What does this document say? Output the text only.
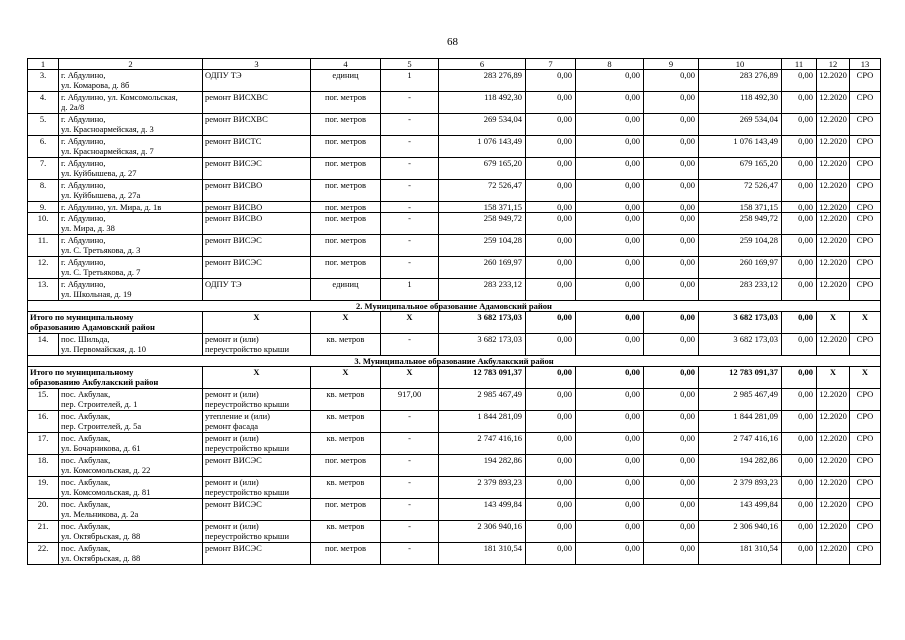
68
1	2	3	4	5	6	7	8	9	10	11	12	13
3.	г. Абдулино,
ул. Комарова, д. 8б	ОДПУ ТЭ	единиц	1	283 276,89	0,00	0,00	0,00	283 276,89	0,00	12.2020	СРО
4.	г. Абдулино, ул. Комсомольская,
д. 2а/8	ремонт ВИСХВС	пог. метров	-	118 492,30	0,00	0,00	0,00	118 492,30	0,00	12.2020	СРО
5.	г. Абдулино,
ул. Красноармейская, д. 3	ремонт ВИСХВС	пог. метров	-	269 534,04	0,00	0,00	0,00	269 534,04	0,00	12.2020	СРО
6.	г. Абдулино,
ул. Красноармейская, д. 7	ремонт ВИСТС	пог. метров	-	1 076 143,49	0,00	0,00	0,00	1 076 143,49	0,00	12.2020	СРО
7.	г. Абдулино,
ул. Куйбышева, д. 27	ремонт ВИСЭС	пог. метров	-	679 165,20	0,00	0,00	0,00	679 165,20	0,00	12.2020	СРО
8.	г. Абдулино,
ул. Куйбышева, д. 27а	ремонт ВИСВО	пог. метров	-	72 526,47	0,00	0,00	0,00	72 526,47	0,00	12.2020	СРО
9.	г. Абдулино, ул. Мира, д. 1в	ремонт ВИСВО	пог. метров	-	158 371,15	0,00	0,00	0,00	158 371,15	0,00	12.2020	СРО
10.	г. Абдулино,
ул. Мира, д. 38	ремонт ВИСВО	пог. метров	-	258 949,72	0,00	0,00	0,00	258 949,72	0,00	12.2020	СРО
11.	г. Абдулино,
ул. С. Третьякова, д. 3	ремонт ВИСЭС	пог. метров	-	259 104,28	0,00	0,00	0,00	259 104,28	0,00	12.2020	СРО
12.	г. Абдулино,
ул. С. Третьякова, д. 7	ремонт ВИСЭС	пог. метров	-	260 169,97	0,00	0,00	0,00	260 169,97	0,00	12.2020	СРО
13.	г. Абдулино,
ул. Школьная, д. 19	ОДПУ ТЭ	единиц	1	283 233,12	0,00	0,00	0,00	283 233,12	0,00	12.2020	СРО
2. Муниципальное образование Адамовский район												
Итого по муниципальному
образованию Адамовский район		X	X	X	3 682 173,03	0,00	0,00	0,00	3 682 173,03	0,00	X	X
14.	пос. Шильда,
ул. Первомайская, д. 10	ремонт и (или)
переустройство крыши	кв. метров	-	3 682 173,03	0,00	0,00	0,00	3 682 173,03	0,00	12.2020	СРО
3. Муниципальное образование Акбулакский район												
Итого по муниципальному
образованию Акбулакский район		X	X	X	12 783 091,37	0,00	0,00	0,00	12 783 091,37	0,00	X	X
15.	пос. Акбулак,
пер. Строителей, д. 1	ремонт и (или)
переустройство крыши	кв. метров	917,00	2 985 467,49	0,00	0,00	0,00	2 985 467,49	0,00	12.2020	СРО
16.	пос. Акбулак,
пер. Строителей, д. 5а	утепление и (или)
ремонт фасада	кв. метров	-	1 844 281,09	0,00	0,00	0,00	1 844 281,09	0,00	12.2020	СРО
17.	пос. Акбулак,
ул. Бочарникова, д. 61	ремонт и (или)
переустройство крыши	кв. метров	-	2 747 416,16	0,00	0,00	0,00	2 747 416,16	0,00	12.2020	СРО
18.	пос. Акбулак,
ул. Комсомольская, д. 22	ремонт ВИСЭС	пог. метров	-	194 282,86	0,00	0,00	0,00	194 282,86	0,00	12.2020	СРО
19.	пос. Акбулак,
ул. Комсомольская, д. 81	ремонт и (или)
переустройство крыши	кв. метров	-	2 379 893,23	0,00	0,00	0,00	2 379 893,23	0,00	12.2020	СРО
20.	пос. Акбулак,
ул. Мельникова, д. 2а	ремонт ВИСЭС	пог. метров	-	143 499,84	0,00	0,00	0,00	143 499,84	0,00	12.2020	СРО
21.	пос. Акбулак,
ул. Октябрьская, д. 88	ремонт и (или)
переустройство крыши	кв. метров	-	2 306 940,16	0,00	0,00	0,00	2 306 940,16	0,00	12.2020	СРО
22.	пос. Акбулак,
ул. Октябрьская, д. 88	ремонт ВИСЭС	пог. метров	-	181 310,54	0,00	0,00	0,00	181 310,54	0,00	12.2020	СРО
